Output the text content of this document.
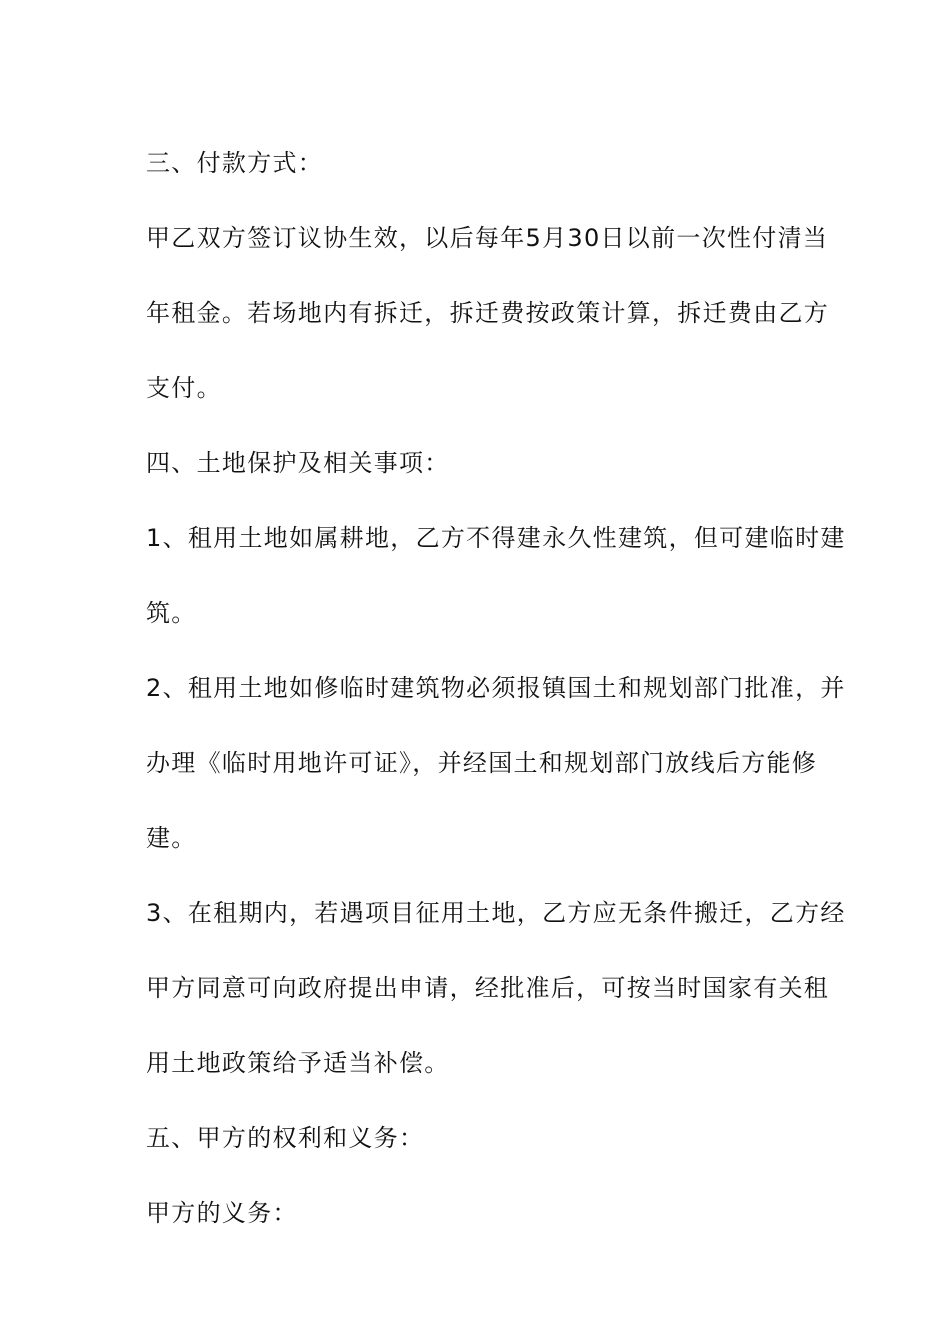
三、付款方式：
甲乙双方签订议协生效，以后每年5月30日以前一次性付清当
年租金。若场地内有拆迁，拆迁费按政策计算，拆迁费由乙方
支付。
四、土地保护及相关事项：
1、租用土地如属耕地，乙方不得建永久性建筑，但可建临时建
筑。
2、租用土地如修临时建筑物必须报镇国土和规划部门批准，并
办理《临时用地许可证》，并经国土和规划部门放线后方能修
建。
3、在租期内，若遇项目征用土地，乙方应无条件搬迁，乙方经
甲方同意可向政府提出申请，经批准后，可按当时国家有关租
用土地政策给予适当补偿。
五、甲方的权利和义务：
甲方的义务：
